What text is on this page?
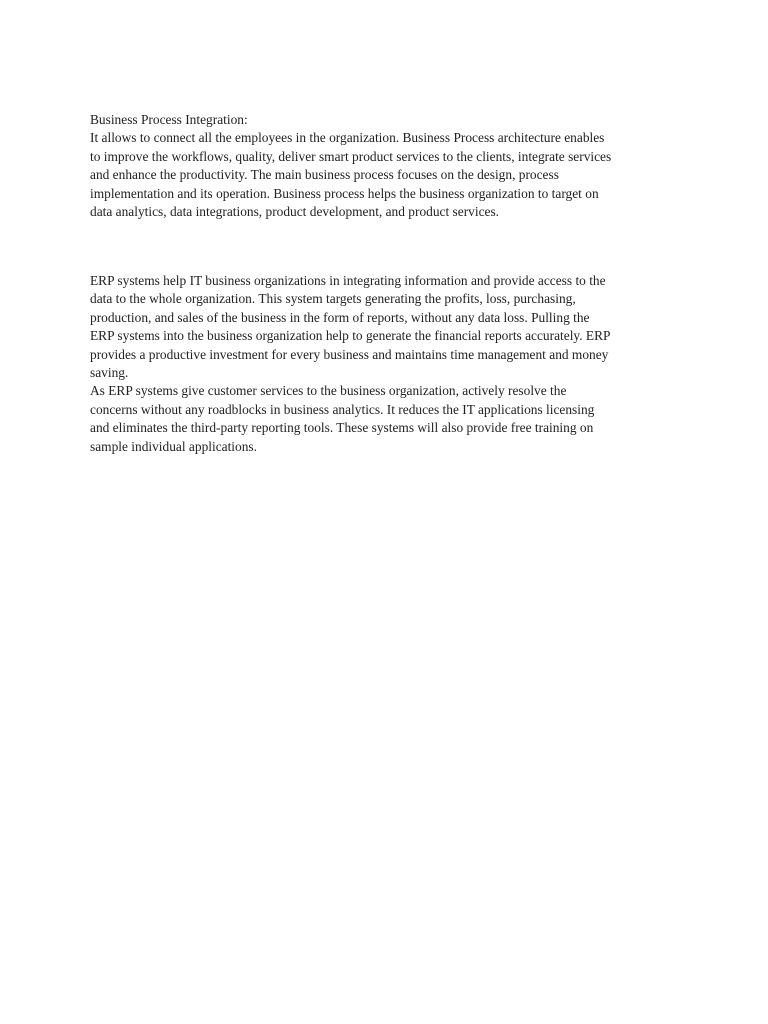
Business Process Integration:
It allows to connect all the employees in the organization. Business Process architecture enables
to improve the workflows, quality, deliver smart product services to the clients, integrate services
and enhance the productivity. The main business process focuses on the design, process
implementation and its operation. Business process helps the business organization to target on
data analytics, data integrations, product development, and product services.
ERP systems help IT business organizations in integrating information and provide access to the
data to the whole organization. This system targets generating the profits, loss, purchasing,
production, and sales of the business in the form of reports, without any data loss. Pulling the
ERP systems into the business organization help to generate the financial reports accurately. ERP
provides a productive investment for every business and maintains time management and money
saving.
As ERP systems give customer services to the business organization, actively resolve the
concerns without any roadblocks in business analytics. It reduces the IT applications licensing
and eliminates the third-party reporting tools. These systems will also provide free training on
sample individual applications.
